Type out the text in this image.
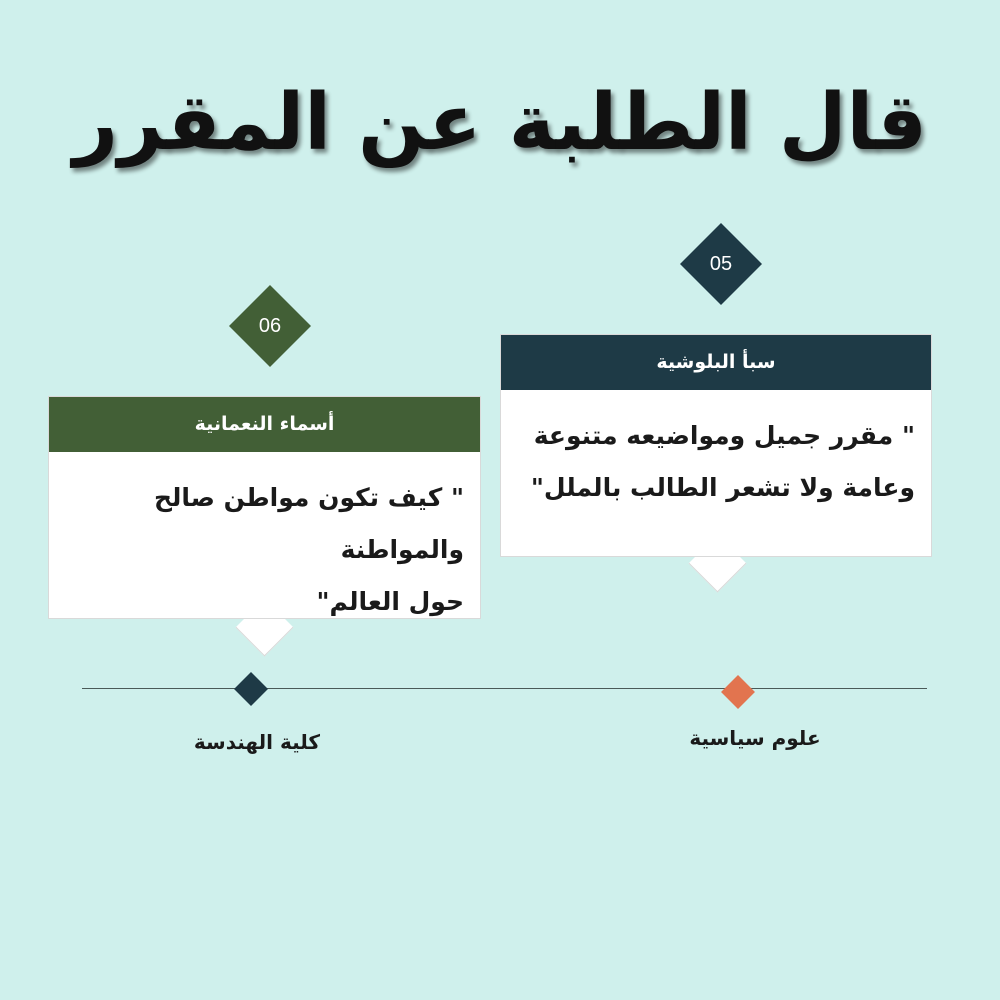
قال الطلبة عن المقرر
05
06
سبأ البلوشية
" مقرر جميل ومواضيعه متنوعة
وعامة ولا تشعر الطالب بالملل"
أسماء النعمانية
" كيف تكون مواطن صالح والمواطنة
حول العالم"
كلية الهندسة	علوم سياسية
